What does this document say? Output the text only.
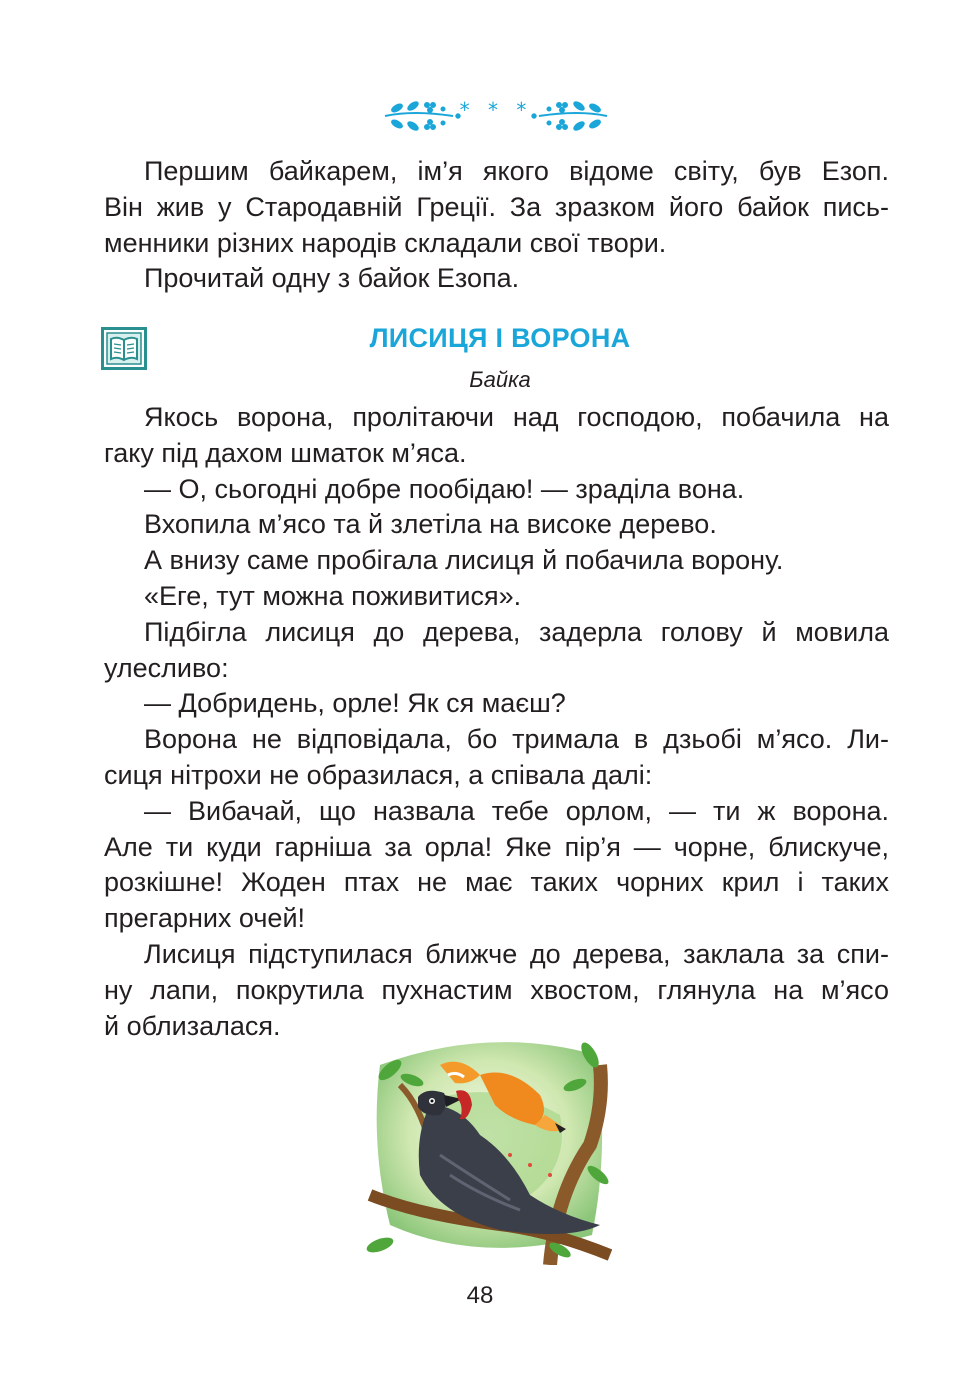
* * *
Першим байкарем, ім’я якого відоме світу, був Езоп.
Він жив у Стародавній Греції. За зразком його байок пись-
менники різних народів складали свої твори.
Прочитай одну з байок Езопа.
ЛИСИЦЯ І ВОРОНА
Байка
Якось ворона, пролітаючи над господою, побачила на
гаку під дахом шматок м’яса.
— О, сьогодні добре пообідаю! — зраділа вона.
Вхопила м’ясо та й злетіла на високе дерево.
А внизу саме пробігала лисиця й побачила ворону.
«Еге, тут можна поживитися».
Підбігла лисиця до дерева, задерла голову й мовила
улесливо:
— Добридень, орле! Як ся маєш?
Ворона не відповідала, бо тримала в дзьобі м’ясо. Ли-
сиця нітрохи не образилася, а співала далі:
— Вибачай, що назвала тебе орлом, — ти ж ворона.
Але ти куди гарніша за орла! Яке пір’я — чорне, блискуче,
розкішне! Жоден птах не має таких чорних крил і таких
прегарних очей!
Лисиця підступилася ближче до дерева, заклала за спи-
ну лапи, покрутила пухнастим хвостом, глянула на м’ясо
й облизалася.
48
